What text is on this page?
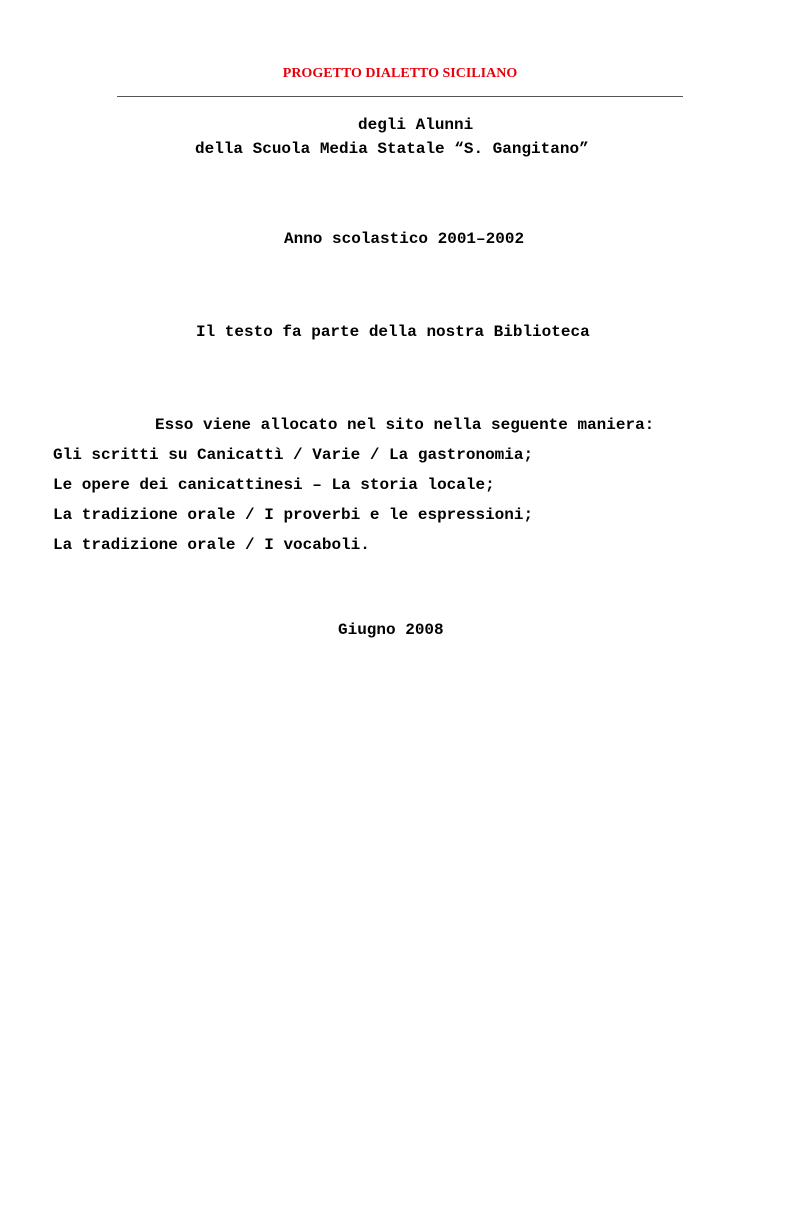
PROGETTO DIALETTO SICILIANO
degli Alunni
della Scuola Media Statale “S. Gangitano”
Anno scolastico 2001–2002
Il testo fa parte della nostra Biblioteca
Esso viene allocato nel sito nella seguente maniera:
Gli scritti su Canicattì / Varie / La gastronomia;
Le opere dei canicattinesi – La storia locale;
La tradizione orale / I proverbi e le espressioni;
La tradizione orale / I vocaboli.
Giugno 2008
